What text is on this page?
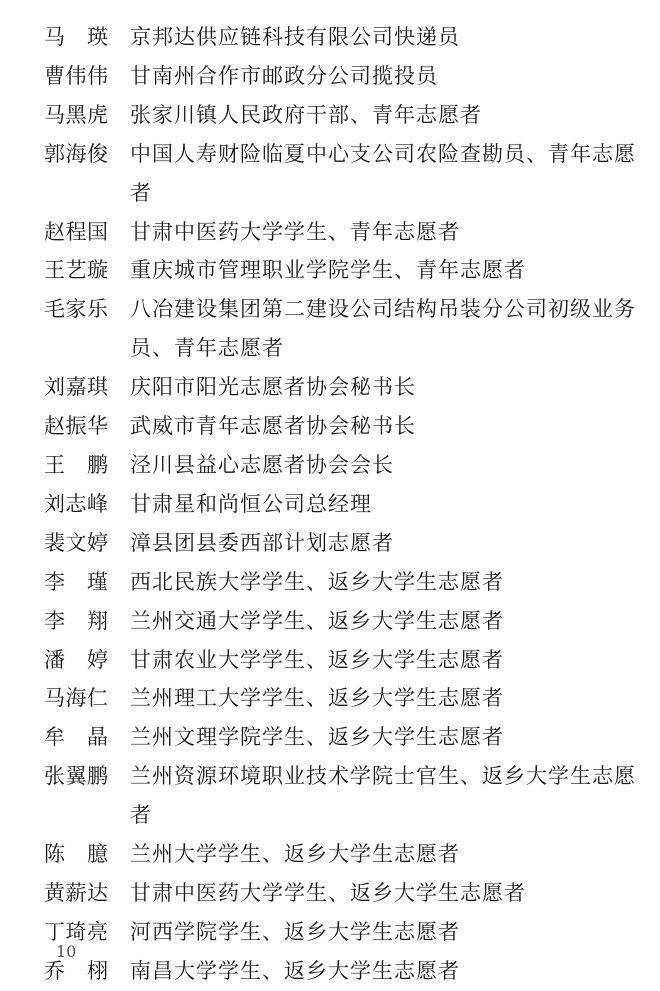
马　瑛	京邦达供应链科技有限公司快递员
曹伟伟	甘南州合作市邮政分公司揽投员
马黑虎	张家川镇人民政府干部、青年志愿者
郭海俊	中国人寿财险临夏中心支公司农险查勘员、青年志愿者
赵程国	甘肃中医药大学学生、青年志愿者
王艺璇	重庆城市管理职业学院学生、青年志愿者
毛家乐	八冶建设集团第二建设公司结构吊装分公司初级业务员、青年志愿者
刘嘉琪	庆阳市阳光志愿者协会秘书长
赵振华	武威市青年志愿者协会秘书长
王　鹏	泾川县益心志愿者协会会长
刘志峰	甘肃星和尚恒公司总经理
裴文婷	漳县团县委西部计划志愿者
李　瑾	西北民族大学学生、返乡大学生志愿者
李　翔	兰州交通大学学生、返乡大学生志愿者
潘　婷	甘肃农业大学学生、返乡大学生志愿者
马海仁	兰州理工大学学生、返乡大学生志愿者
牟　晶	兰州文理学院学生、返乡大学生志愿者
张翼鹏	兰州资源环境职业技术学院士官生、返乡大学生志愿者
陈　臆	兰州大学学生、返乡大学生志愿者
黄薪达	甘肃中医药大学学生、返乡大学生志愿者
丁琦亮	河西学院学生、返乡大学生志愿者
乔　栩	南昌大学学生、返乡大学生志愿者
10
